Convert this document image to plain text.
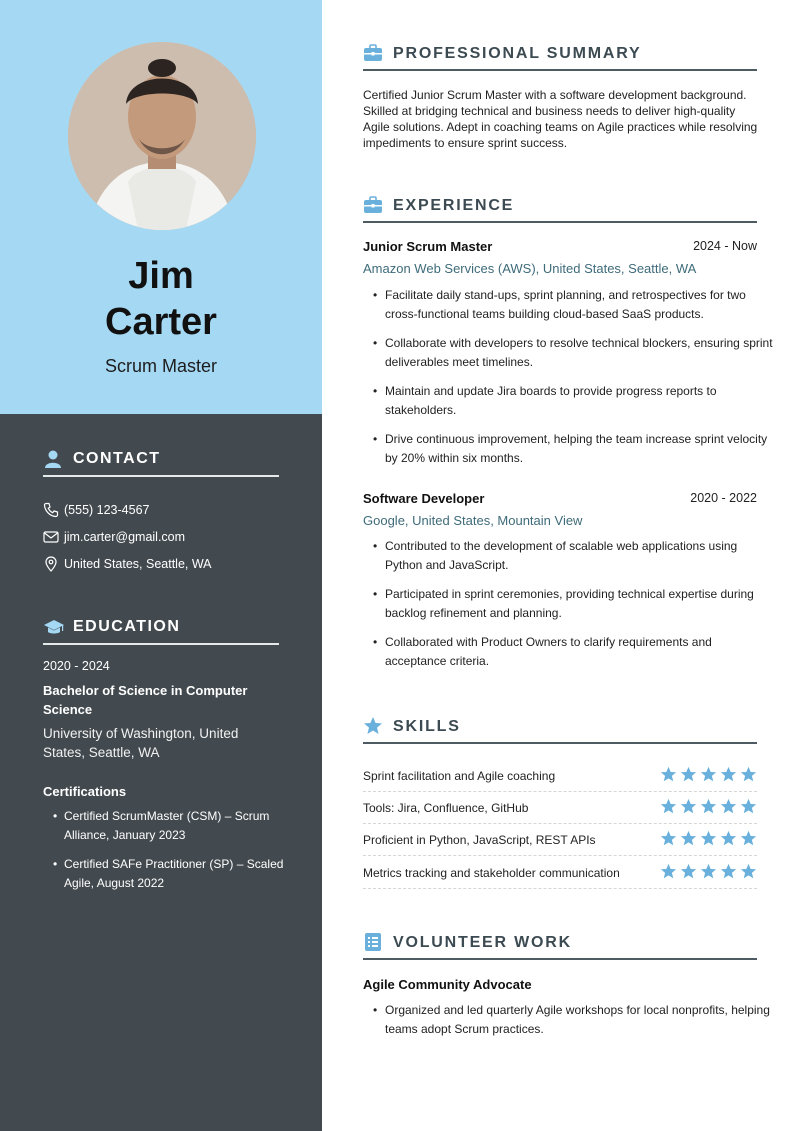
Jim
Carter
Scrum Master
CONTACT
(555) 123-4567
jim.carter@gmail.com
United States, Seattle, WA
EDUCATION
2020 - 2024
Bachelor of Science in Computer Science
University of Washington, United States, Seattle, WA
Certifications
• Certified ScrumMaster (CSM) – Scrum Alliance, January 2023
• Certified SAFe Practitioner (SP) – Scaled Agile, August 2022
PROFESSIONAL SUMMARY
Certified Junior Scrum Master with a software development background. Skilled at bridging technical and business needs to deliver high-quality Agile solutions. Adept in coaching teams on Agile practices while resolving impediments to ensure sprint success.
EXPERIENCE
Junior Scrum Master	2024 - Now
Amazon Web Services (AWS), United States, Seattle, WA
• Facilitate daily stand-ups, sprint planning, and retrospectives for two cross-functional teams building cloud-based SaaS products.
• Collaborate with developers to resolve technical blockers, ensuring sprint deliverables meet timelines.
• Maintain and update Jira boards to provide progress reports to stakeholders.
• Drive continuous improvement, helping the team increase sprint velocity by 20% within six months.
Software Developer	2020 - 2022
Google, United States, Mountain View
• Contributed to the development of scalable web applications using Python and JavaScript.
• Participated in sprint ceremonies, providing technical expertise during backlog refinement and planning.
• Collaborated with Product Owners to clarify requirements and acceptance criteria.
SKILLS
Sprint facilitation and Agile coaching
Tools: Jira, Confluence, GitHub
Proficient in Python, JavaScript, REST APIs
Metrics tracking and stakeholder communication
VOLUNTEER WORK
Agile Community Advocate
• Organized and led quarterly Agile workshops for local nonprofits, helping teams adopt Scrum practices.
